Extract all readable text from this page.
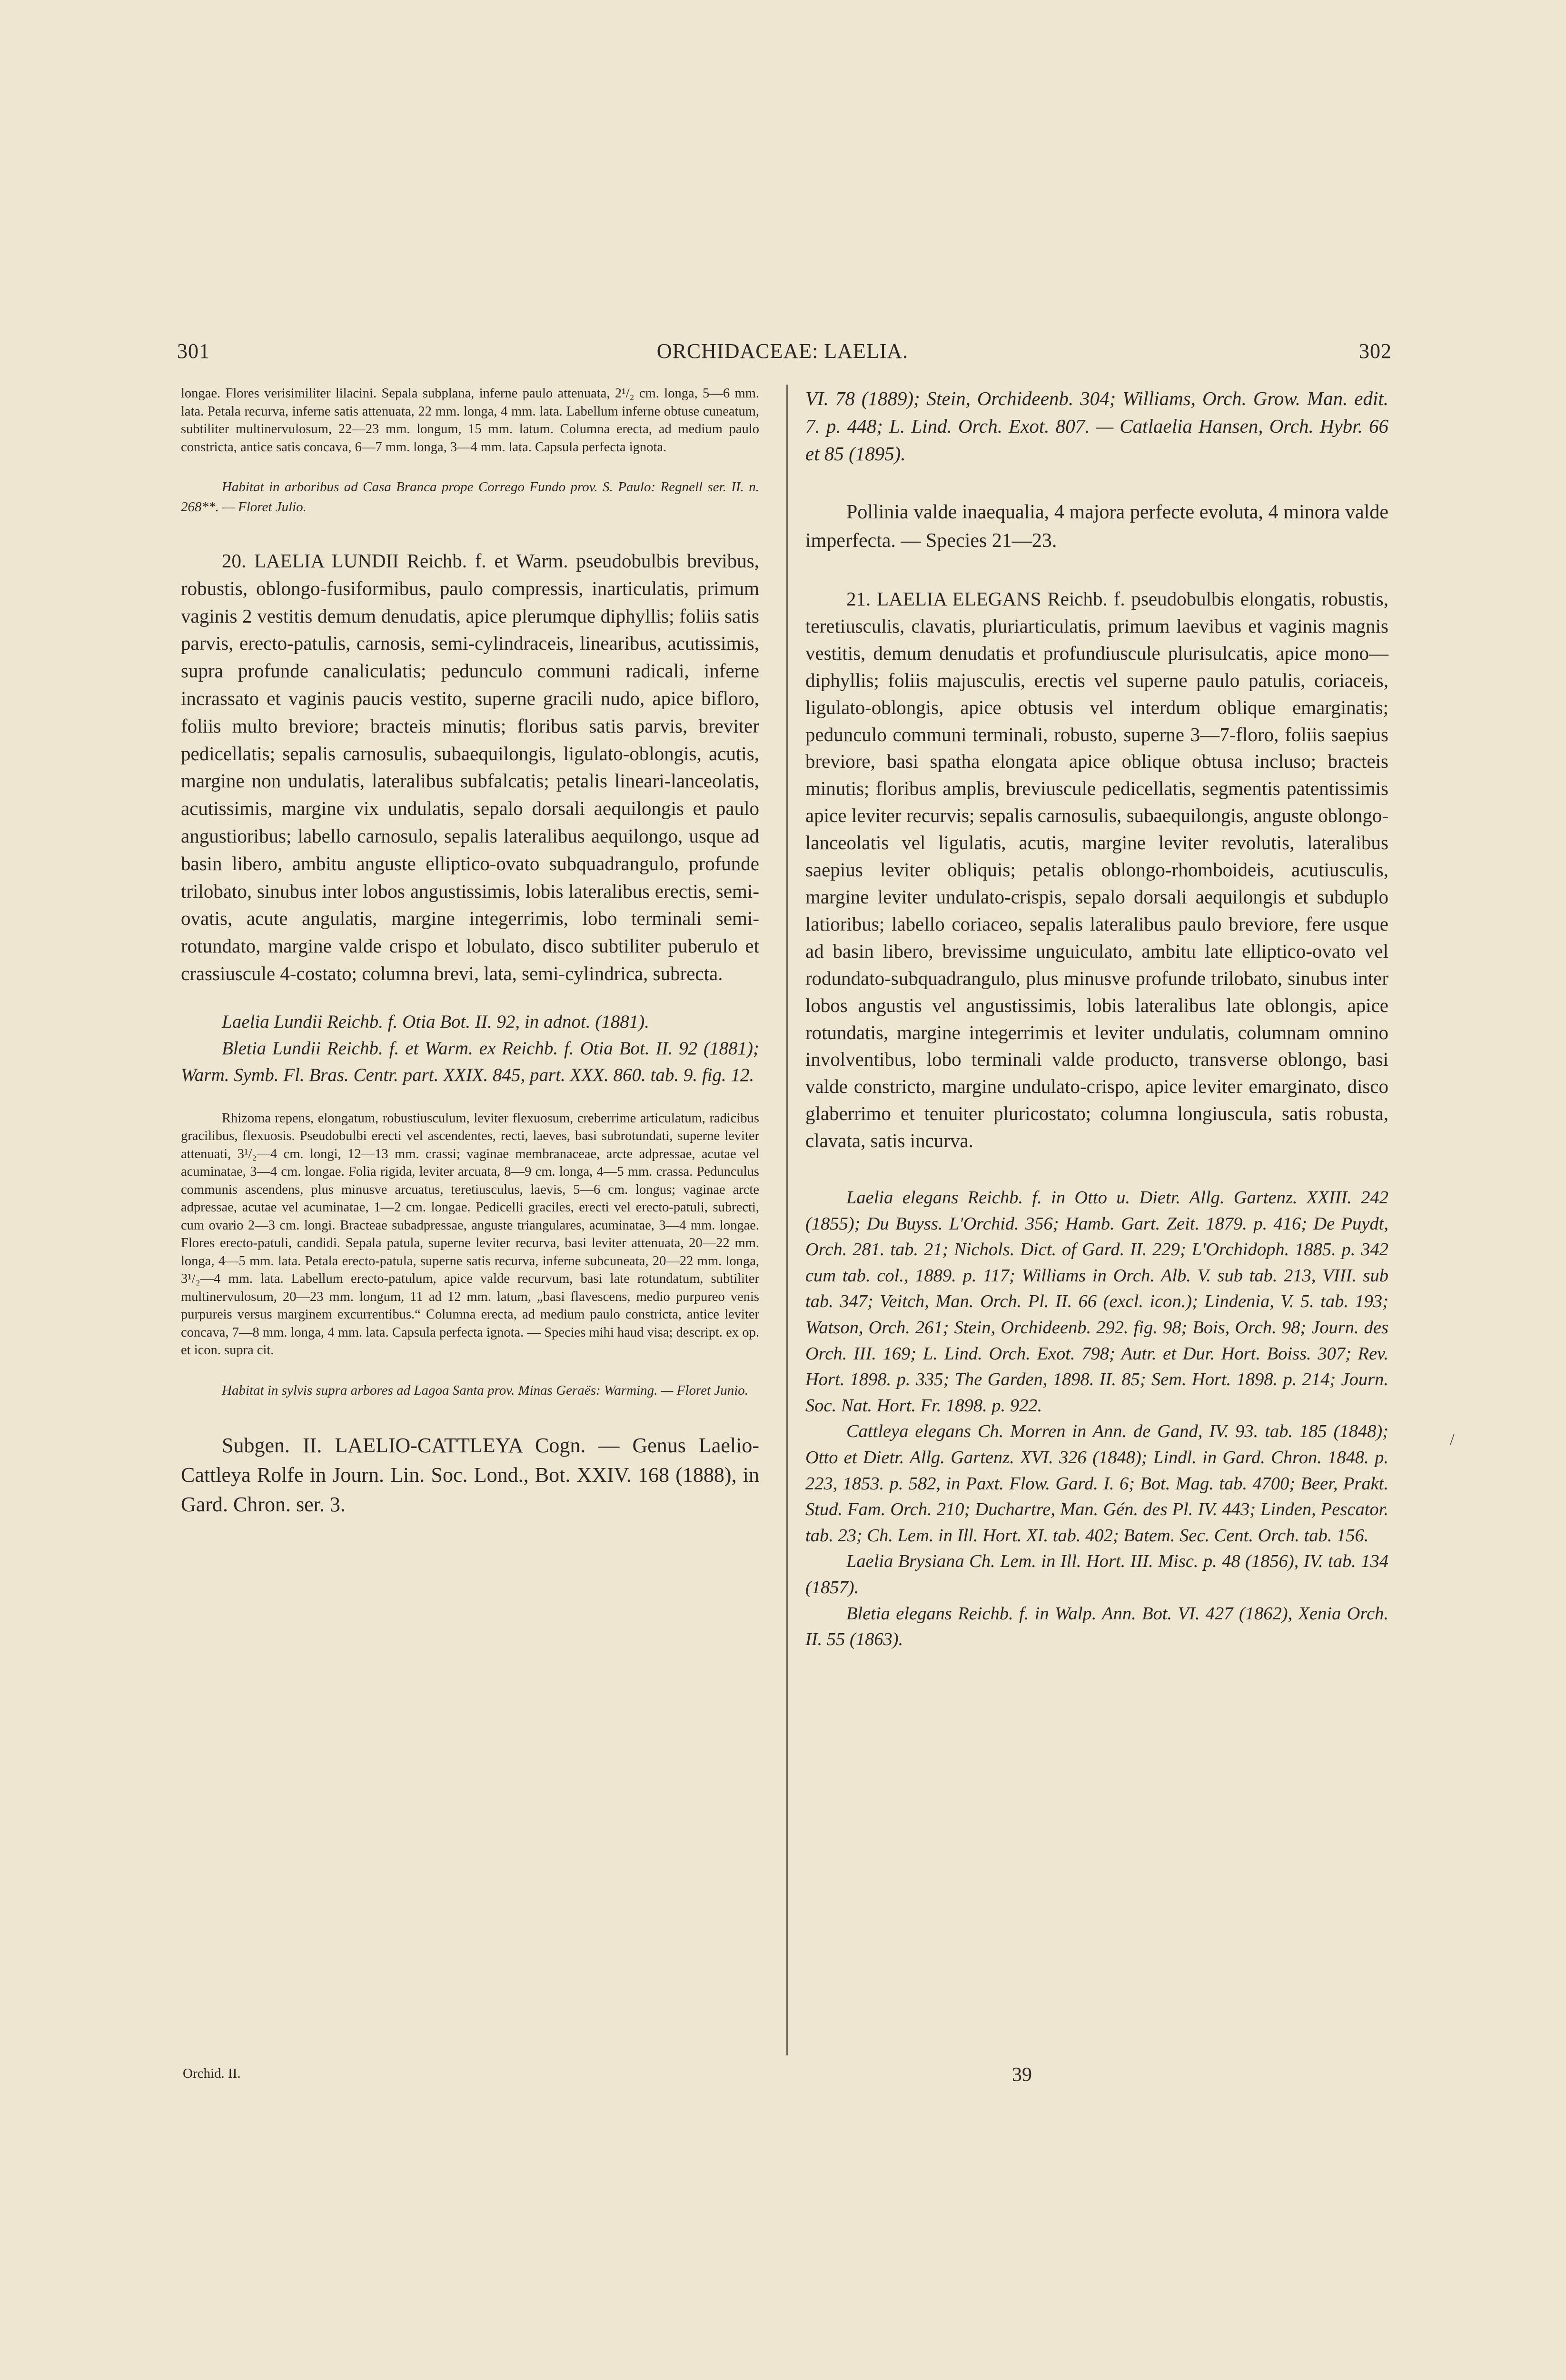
301	ORCHIDACEAE: LAELIA.	302

longae. Flores verisimiliter lilacini. Sepala subplana, inferne paulo attenuata, 2¹/₂ cm. longa, 5—6 mm. lata. Petala recurva, inferne satis attenuata, 22 mm. longa, 4 mm. lata. Labellum inferne obtuse cuneatum, subtiliter multinervulosum, 22—23 mm. longum, 15 mm. latum. Columna erecta, ad medium paulo constricta, antice satis concava, 6—7 mm. longa, 3—4 mm. lata. Capsula perfecta ignota.

Habitat in arboribus ad Casa Branca prope Corrego Fundo prov. S. Paulo: Regnell ser. II. n. 268**. — Floret Julio.

20. LAELIA LUNDII Reichb. f. et Warm. pseudobulbis brevibus, robustis, oblongo-fusiformibus, paulo compressis, inarticulatis, primum vaginis 2 vestitis demum denudatis, apice plerumque diphyllis; foliis satis parvis, erecto-patulis, carnosis, semi-cylindraceis, linearibus, acutissimis, supra profunde canaliculatis; pedunculo communi radicali, inferne incrassato et vaginis paucis vestito, superne gracili nudo, apice bifloro, foliis multo breviore; bracteis minutis; floribus satis parvis, breviter pedicellatis; sepalis carnosulis, subaequilongis, ligulato-oblongis, acutis, margine non undulatis, lateralibus subfalcatis; petalis lineari-lanceolatis, acutissimis, margine vix undulatis, sepalo dorsali aequilongis et paulo angustioribus; labello carnosulo, sepalis lateralibus aequilongo, usque ad basin libero, ambitu anguste elliptico-ovato subquadrangulo, profunde trilobato, sinubus inter lobos angustissimis, lobis lateralibus erectis, semi-ovatis, acute angulatis, margine integerrimis, lobo terminali semi-rotundato, margine valde crispo et lobulato, disco subtiliter puberulo et crassiuscule 4-costato; columna brevi, lata, semi-cylindrica, subrecta.

Laelia Lundii Reichb. f. Otia Bot. II. 92, in adnot. (1881).

Bletia Lundii Reichb. f. et Warm. ex Reichb. f. Otia Bot. II. 92 (1881); Warm. Symb. Fl. Bras. Centr. part. XXIX. 845, part. XXX. 860. tab. 9. fig. 12.

Rhizoma repens, elongatum, robustiusculum, leviter flexuosum, creberrime articulatum, radicibus gracilibus, flexuosis. Pseudobulbi erecti vel ascendentes, recti, laeves, basi subrotundati, superne leviter attenuati, 3¹/₂—4 cm. longi, 12—13 mm. crassi; vaginae membranaceae, arcte adpressae, acutae vel acuminatae, 3—4 cm. longae. Folia rigida, leviter arcuata, 8—9 cm. longa, 4—5 mm. crassa. Pedunculus communis ascendens, plus minusve arcuatus, teretiusculus, laevis, 5—6 cm. longus; vaginae arcte adpressae, acutae vel acuminatae, 1—2 cm. longae. Pedicelli graciles, erecti vel erecto-patuli, subrecti, cum ovario 2—3 cm. longi. Bracteae subadpressae, anguste triangulares, acuminatae, 3—4 mm. longae. Flores erecto-patuli, candidi. Sepala patula, superne leviter recurva, basi leviter attenuata, 20—22 mm. longa, 4—5 mm. lata. Petala erecto-patula, superne satis recurva, inferne subcuneata, 20—22 mm. longa, 3¹/₂—4 mm. lata. Labellum erecto-patulum, apice valde recurvum, basi late rotundatum, subtiliter multinervulosum, 20—23 mm. longum, 11 ad 12 mm. latum, „basi flavescens, medio purpureo venis purpureis versus marginem excurrentibus.“ Columna erecta, ad medium paulo constricta, antice leviter concava, 7—8 mm. longa, 4 mm. lata. Capsula perfecta ignota. — Species mihi haud visa; descript. ex op. et icon. supra cit.

Habitat in sylvis supra arbores ad Lagoa Santa prov. Minas Geraës: Warming. — Floret Junio.

Subgen. II. LAELIO-CATTLEYA Cogn. — Genus Laelio-Cattleya Rolfe in Journ. Lin. Soc. Lond., Bot. XXIV. 168 (1888), in Gard. Chron. ser. 3.

VI. 78 (1889); Stein, Orchideenb. 304; Williams, Orch. Grow. Man. edit. 7. p. 448; L. Lind. Orch. Exot. 807. — Catlaelia Hansen, Orch. Hybr. 66 et 85 (1895).

Pollinia valde inaequalia, 4 majora perfecte evoluta, 4 minora valde imperfecta. — Species 21—23.

21. LAELIA ELEGANS Reichb. f. pseudobulbis elongatis, robustis, teretiusculis, clavatis, pluriarticulatis, primum laevibus et vaginis magnis vestitis, demum denudatis et profundiuscule plurisulcatis, apice mono—diphyllis; foliis majusculis, erectis vel superne paulo patulis, coriaceis, ligulato-oblongis, apice obtusis vel interdum oblique emarginatis; pedunculo communi terminali, robusto, superne 3—7-floro, foliis saepius breviore, basi spatha elongata apice oblique obtusa incluso; bracteis minutis; floribus amplis, breviuscule pedicellatis, segmentis patentissimis apice leviter recurvis; sepalis carnosulis, subaequilongis, anguste oblongo-lanceolatis vel ligulatis, acutis, margine leviter revolutis, lateralibus saepius leviter obliquis; petalis oblongo-rhomboideis, acutiusculis, margine leviter undulato-crispis, sepalo dorsali aequilongis et subduplo latioribus; labello coriaceo, sepalis lateralibus paulo breviore, fere usque ad basin libero, brevissime unguiculato, ambitu late elliptico-ovato vel rodundato-subquadrangulo, plus minusve profunde trilobato, sinubus inter lobos angustis vel angustissimis, lobis lateralibus late oblongis, apice rotundatis, margine integerrimis et leviter undulatis, columnam omnino involventibus, lobo terminali valde producto, transverse oblongo, basi valde constricto, margine undulato-crispo, apice leviter emarginato, disco glaberrimo et tenuiter pluricostato; columna longiuscula, satis robusta, clavata, satis incurva.

Laelia elegans Reichb. f. in Otto u. Dietr. Allg. Gartenz. XXIII. 242 (1855); Du Buyss. L'Orchid. 356; Hamb. Gart. Zeit. 1879. p. 416; De Puydt, Orch. 281. tab. 21; Nichols. Dict. of Gard. II. 229; L'Orchidoph. 1885. p. 342 cum tab. col., 1889. p. 117; Williams in Orch. Alb. V. sub tab. 213, VIII. sub tab. 347; Veitch, Man. Orch. Pl. II. 66 (excl. icon.); Lindenia, V. 5. tab. 193; Watson, Orch. 261; Stein, Orchideenb. 292. fig. 98; Bois, Orch. 98; Journ. des Orch. III. 169; L. Lind. Orch. Exot. 798; Autr. et Dur. Hort. Boiss. 307; Rev. Hort. 1898. p. 335; The Garden, 1898. II. 85; Sem. Hort. 1898. p. 214; Journ. Soc. Nat. Hort. Fr. 1898. p. 922.

Cattleya elegans Ch. Morren in Ann. de Gand, IV. 93. tab. 185 (1848); Otto et Dietr. Allg. Gartenz. XVI. 326 (1848); Lindl. in Gard. Chron. 1848. p. 223, 1853. p. 582, in Paxt. Flow. Gard. I. 6; Bot. Mag. tab. 4700; Beer, Prakt. Stud. Fam. Orch. 210; Duchartre, Man. Gén. des Pl. IV. 443; Linden, Pescator. tab. 23; Ch. Lem. in Ill. Hort. XI. tab. 402; Batem. Sec. Cent. Orch. tab. 156.

Laelia Brysiana Ch. Lem. in Ill. Hort. III. Misc. p. 48 (1856), IV. tab. 134 (1857).

Bletia elegans Reichb. f. in Walp. Ann. Bot. VI. 427 (1862), Xenia Orch. II. 55 (1863).

/
Orchid. II.	39
